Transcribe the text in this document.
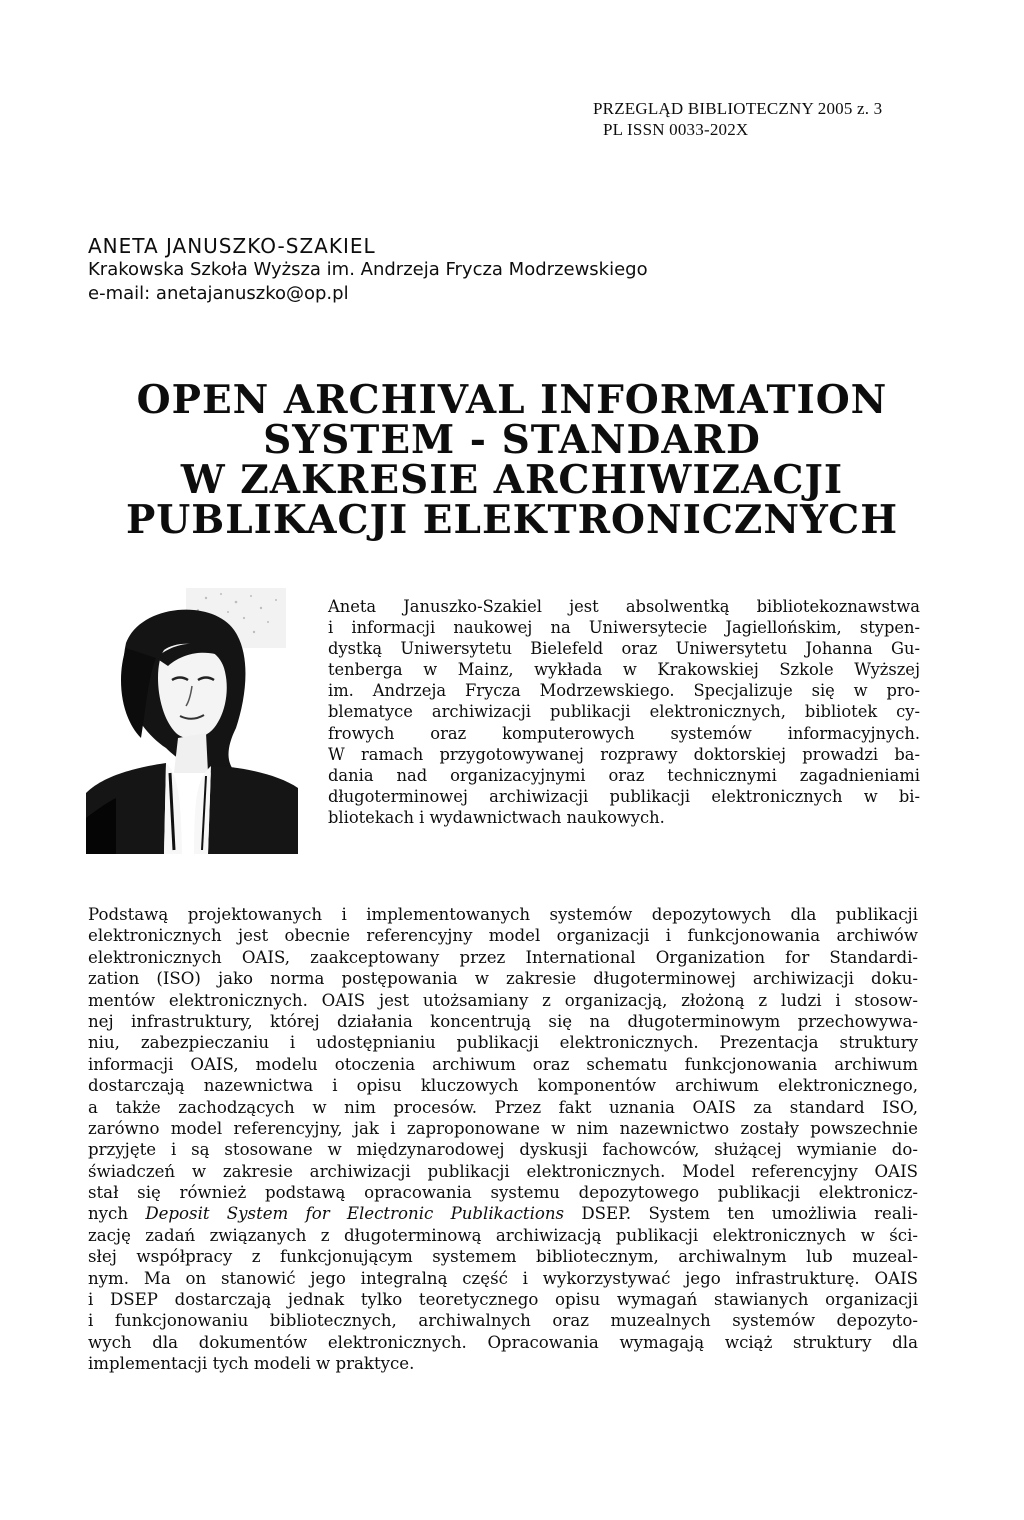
PRZEGLĄD BIBLIOTECZNY 2005 z. 3
PL ISSN 0033-202X
ANETA JANUSZKO-SZAKIEL
Krakowska Szkoła Wyższa im. Andrzeja Frycza Modrzewskiego
e-mail: anetajanuszko@op.pl
OPEN ARCHIVAL INFORMATION
SYSTEM - STANDARD
W ZAKRESIE ARCHIWIZACJI
PUBLIKACJI ELEKTRONICZNYCH
Aneta Januszko-Szakiel jest absolwentką bibliotekoznawstwa
i informacji naukowej na Uniwersytecie Jagiellońskim, stypen-
dystką Uniwersytetu Bielefeld oraz Uniwersytetu Johanna Gu-
tenberga w Mainz, wykłada w Krakowskiej Szkole Wyższej
im. Andrzeja Frycza Modrzewskiego. Specjalizuje się w pro-
blematyce archiwizacji publikacji elektronicznych, bibliotek cy-
frowych oraz komputerowych systemów informacyjnych.
W ramach przygotowywanej rozprawy doktorskiej prowadzi ba-
dania nad organizacyjnymi oraz technicznymi zagadnieniami
długoterminowej archiwizacji publikacji elektronicznych w bi-
bliotekach i wydawnictwach naukowych.
Podstawą projektowanych i implementowanych systemów depozytowych dla publikacji
elektronicznych jest obecnie referencyjny model organizacji i funkcjonowania archiwów
elektronicznych OAIS, zaakceptowany przez International Organization for Standardi-
zation (ISO) jako norma postępowania w zakresie długoterminowej archiwizacji doku-
mentów elektronicznych. OAIS jest utożsamiany z organizacją, złożoną z ludzi i stosow-
nej infrastruktury, której działania koncentrują się na długoterminowym przechowywa-
niu, zabezpieczaniu i udostępnianiu publikacji elektronicznych. Prezentacja struktury
informacji OAIS, modelu otoczenia archiwum oraz schematu funkcjonowania archiwum
dostarczają nazewnictwa i opisu kluczowych komponentów archiwum elektronicznego,
a także zachodzących w nim procesów. Przez fakt uznania OAIS za standard ISO,
zarówno model referencyjny, jak i zaproponowane w nim nazewnictwo zostały powszechnie
przyjęte i są stosowane w międzynarodowej dyskusji fachowców, służącej wymianie do-
świadczeń w zakresie archiwizacji publikacji elektronicznych. Model referencyjny OAIS
stał się również podstawą opracowania systemu depozytowego publikacji elektronicz-
nych Deposit System for Electronic Publikactions DSEP. System ten umożliwia reali-
zację zadań związanych z długoterminową archiwizacją publikacji elektronicznych w ści-
słej współpracy z funkcjonującym systemem bibliotecznym, archiwalnym lub muzeal-
nym. Ma on stanowić jego integralną część i wykorzystywać jego infrastrukturę. OAIS
i DSEP dostarczają jednak tylko teoretycznego opisu wymagań stawianych organizacji
i funkcjonowaniu bibliotecznych, archiwalnych oraz muzealnych systemów depozyto-
wych dla dokumentów elektronicznych. Opracowania wymagają wciąż struktury dla
implementacji tych modeli w praktyce.
